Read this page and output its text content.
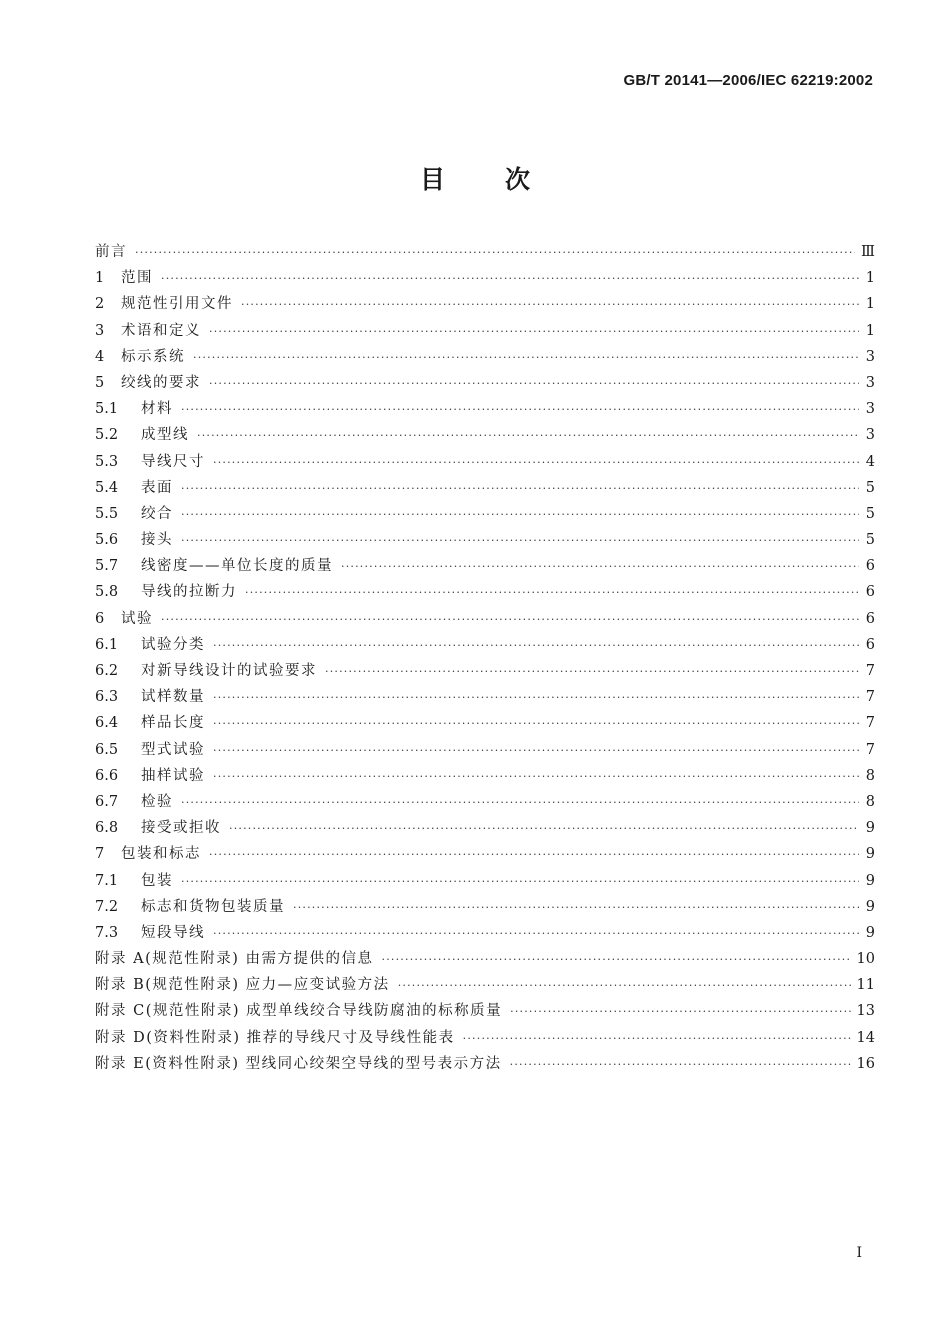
GB/T 20141—2006/IEC 62219:2002
目 次
前言 ·····	Ⅲ
1	范围 ·····	1
2	规范性引用文件 ·····	1
3	术语和定义 ·····	1
4	标示系统 ·····	3
5	绞线的要求 ·····	3
5.1	材料 ·····	3
5.2	成型线 ·····	3
5.3	导线尺寸 ·····	4
5.4	表面 ·····	5
5.5	绞合 ·····	5
5.6	接头 ·····	5
5.7	线密度——单位长度的质量 ·····	6
5.8	导线的拉断力 ·····	6
6	试验 ·····	6
6.1	试验分类 ·····	6
6.2	对新导线设计的试验要求 ·····	7
6.3	试样数量 ·····	7
6.4	样品长度 ·····	7
6.5	型式试验 ·····	7
6.6	抽样试验 ·····	8
6.7	检验 ·····	8
6.8	接受或拒收 ·····	9
7	包装和标志 ·····	9
7.1	包装 ·····	9
7.2	标志和货物包装质量 ·····	9
7.3	短段导线 ·····	9
附录 A(规范性附录) 由需方提供的信息 ·····	10
附录 B(规范性附录) 应力—应变试验方法 ·····	11
附录 C(规范性附录) 成型单线绞合导线防腐油的标称质量 ·····	13
附录 D(资料性附录) 推荐的导线尺寸及导线性能表 ·····	14
附录 E(资料性附录) 型线同心绞架空导线的型号表示方法 ·····	16
I
